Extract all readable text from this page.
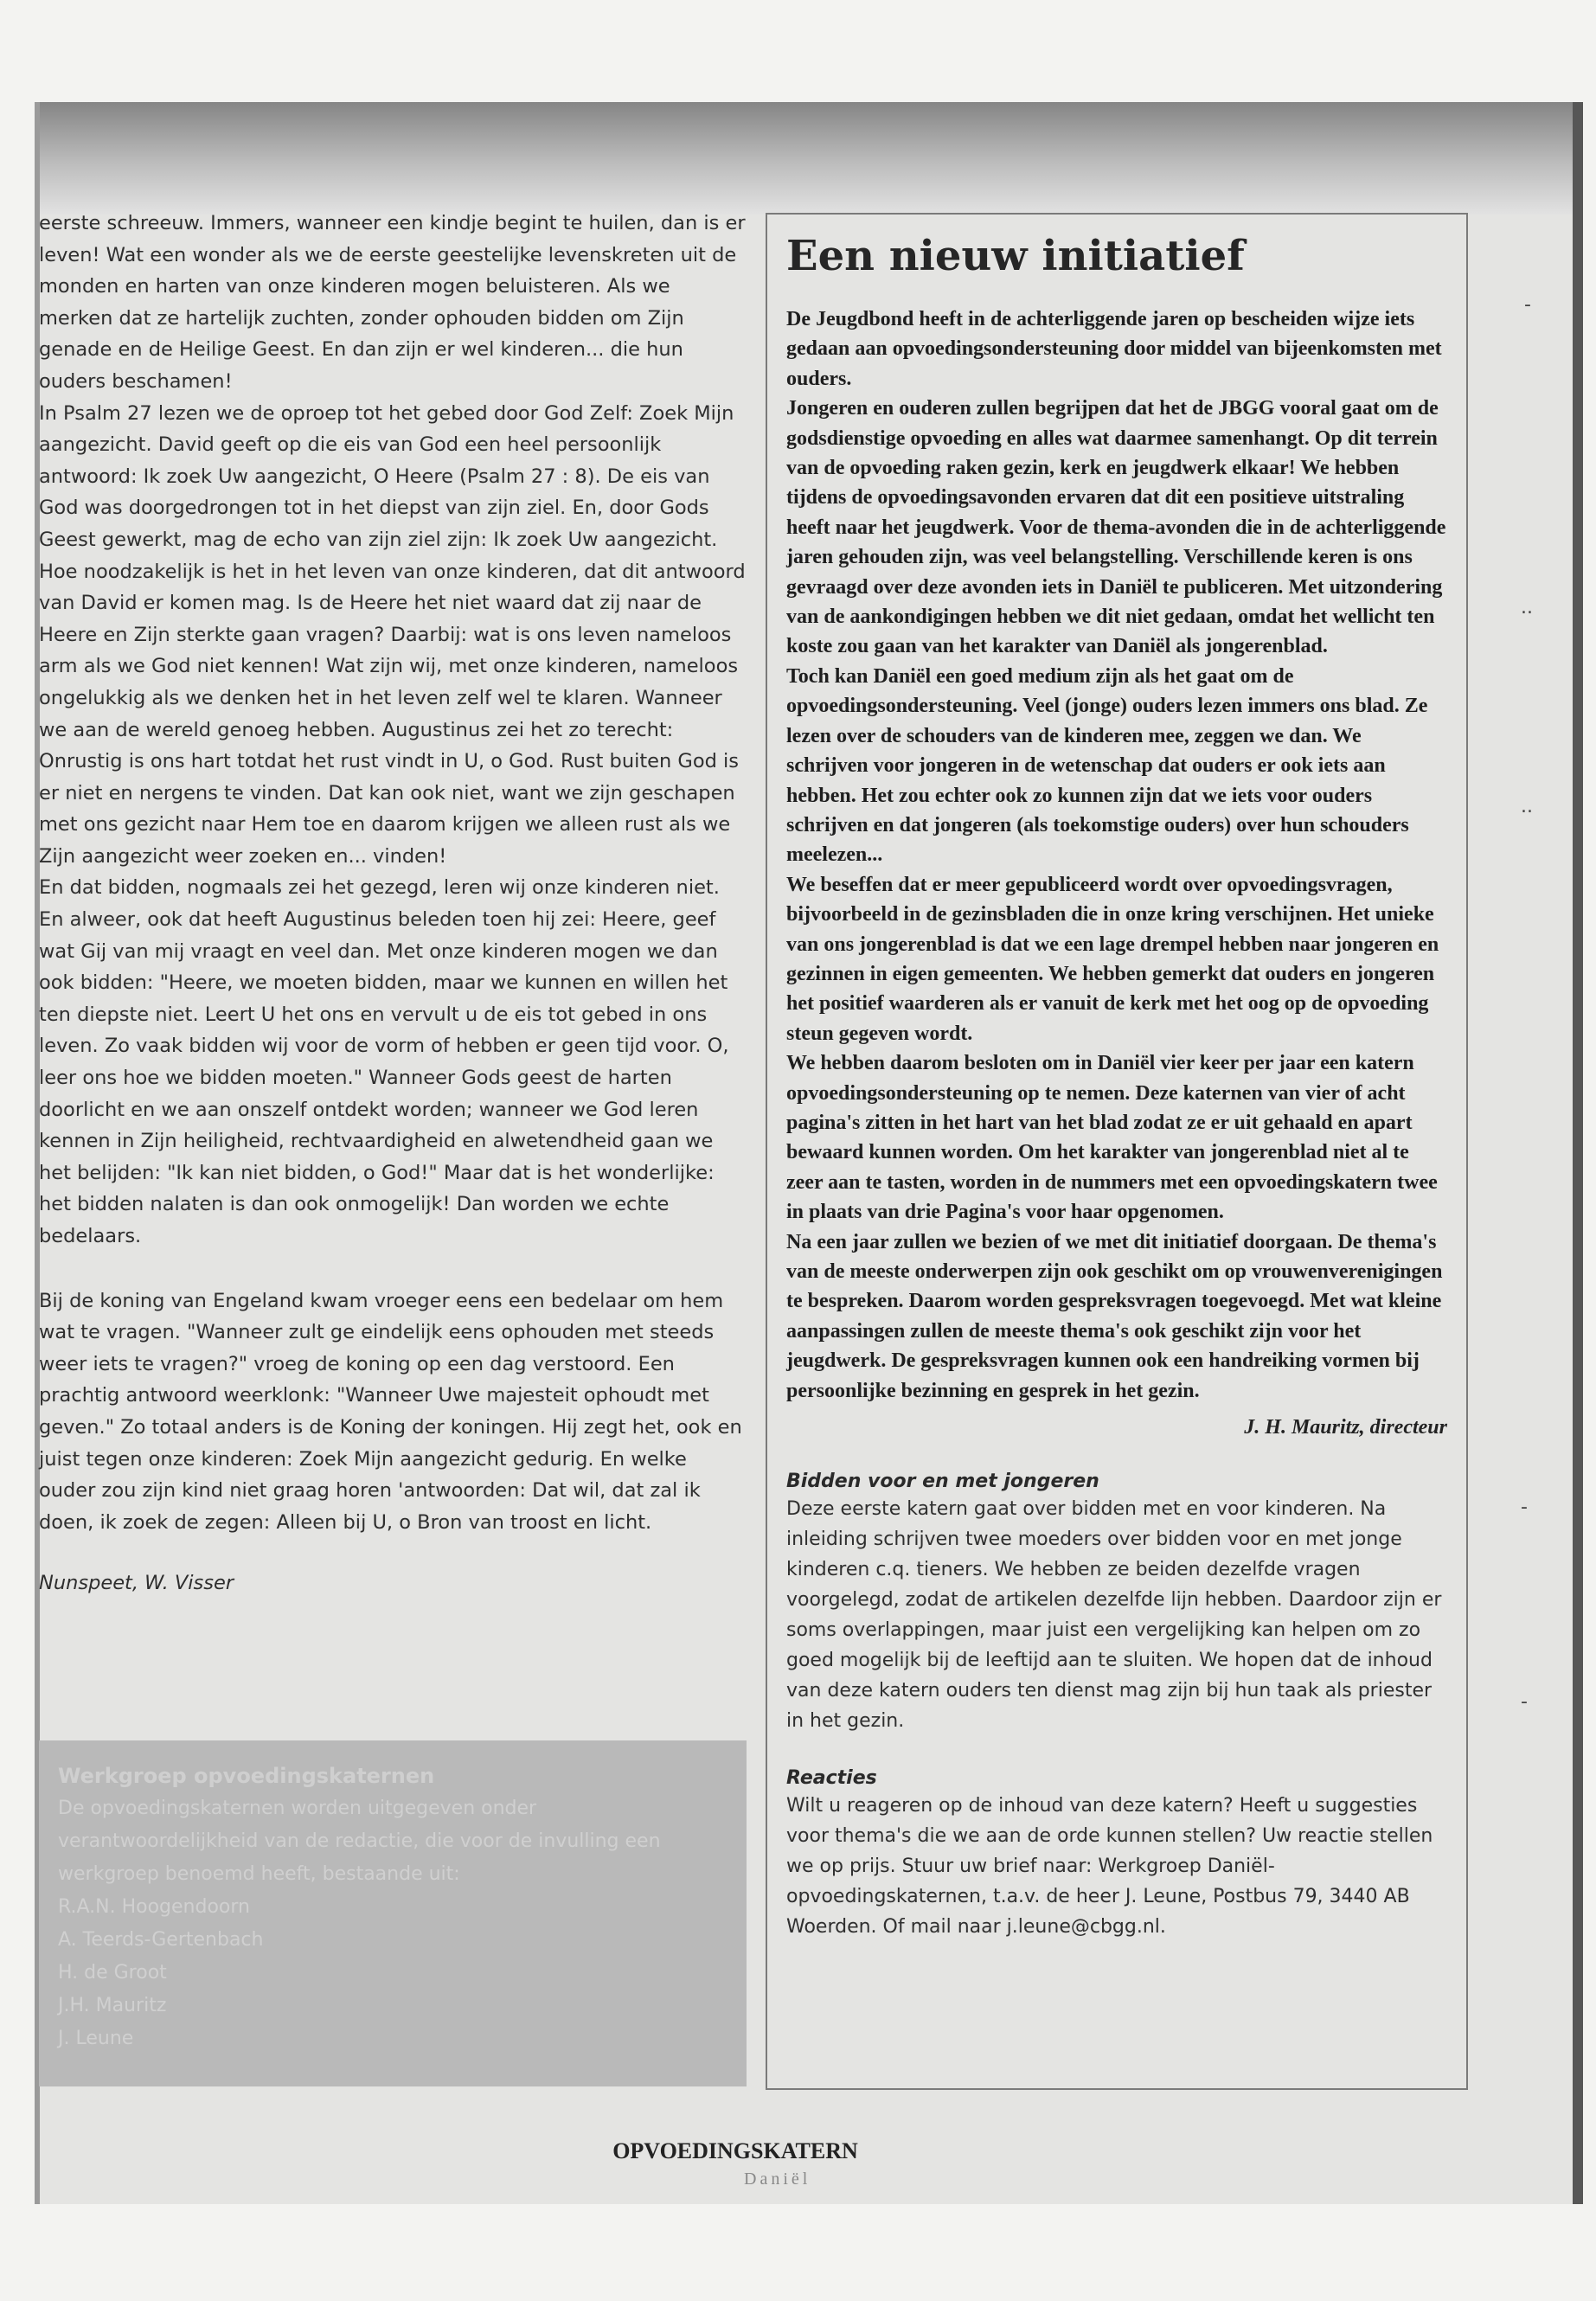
-
..
..
-
-

eerste schreeuw. Immers, wanneer een kindje begint te huilen, dan is er leven! Wat een wonder als we de eerste geestelijke levenskreten uit de monden en harten van onze kinderen mogen beluisteren. Als we merken dat ze hartelijk zuchten, zonder ophouden bidden om Zijn genade en de Heilige Geest. En dan zijn er wel kinderen... die hun ouders beschamen!

In Psalm 27 lezen we de oproep tot het gebed door God Zelf: Zoek Mijn aangezicht. David geeft op die eis van God een heel persoonlijk antwoord: Ik zoek Uw aangezicht, O Heere (Psalm 27 : 8). De eis van God was doorgedrongen tot in het diepst van zijn ziel. En, door Gods Geest gewerkt, mag de echo van zijn ziel zijn: Ik zoek Uw aangezicht.

Hoe noodzakelijk is het in het leven van onze kinderen, dat dit antwoord van David er komen mag. Is de Heere het niet waard dat zij naar de Heere en Zijn sterkte gaan vragen? Daarbij: wat is ons leven nameloos arm als we God niet kennen! Wat zijn wij, met onze kinderen, nameloos ongelukkig als we denken het in het leven zelf wel te klaren. Wanneer we aan de wereld genoeg hebben. Augustinus zei het zo terecht: Onrustig is ons hart totdat het rust vindt in U, o God. Rust buiten God is er niet en nergens te vinden. Dat kan ook niet, want we zijn geschapen met ons gezicht naar Hem toe en daarom krijgen we alleen rust als we Zijn aangezicht weer zoeken en... vinden!

En dat bidden, nogmaals zei het gezegd, leren wij onze kinderen niet. En alweer, ook dat heeft Augustinus beleden toen hij zei: Heere, geef wat Gij van mij vraagt en veel dan. Met onze kinderen mogen we dan ook bidden: "Heere, we moeten bidden, maar we kunnen en willen het ten diepste niet. Leert U het ons en vervult u de eis tot gebed in ons leven. Zo vaak bidden wij voor de vorm of hebben er geen tijd voor. O, leer ons hoe we bidden moeten." Wanneer Gods geest de harten doorlicht en we aan onszelf ontdekt worden; wanneer we God leren kennen in Zijn heiligheid, rechtvaardigheid en alwetendheid gaan we het belijden: "Ik kan niet bidden, o God!" Maar dat is het wonderlijke: het bidden nalaten is dan ook onmogelijk! Dan worden we echte bedelaars.

Bij de koning van Engeland kwam vroeger eens een bedelaar om hem wat te vragen. "Wanneer zult ge eindelijk eens ophouden met steeds weer iets te vragen?" vroeg de koning op een dag verstoord. Een prachtig antwoord weerklonk: "Wanneer Uwe majesteit ophoudt met geven." Zo totaal anders is de Koning der koningen. Hij zegt het, ook en juist tegen onze kinderen: Zoek Mijn aangezicht gedurig. En welke ouder zou zijn kind niet graag horen 'antwoorden: Dat wil, dat zal ik doen, ik zoek de zegen: Alleen bij U, o Bron van troost en licht.

Nunspeet, W. Visser

Werkgroep opvoedingskaternen

De opvoedingskaternen worden uitgegeven onder verantwoordelijkheid van de redactie, die voor de invulling een werkgroep benoemd heeft, bestaande uit:

R.A.N. Hoogendoorn

A. Teerds-Gertenbach

H. de Groot

J.H. Mauritz

J. Leune

Een nieuw initiatief

De Jeugdbond heeft in de achterliggende jaren op bescheiden wijze iets gedaan aan opvoedingsondersteuning door middel van bijeenkomsten met ouders.

Jongeren en ouderen zullen begrijpen dat het de JBGG vooral gaat om de godsdienstige opvoeding en alles wat daarmee samenhangt. Op dit terrein van de opvoeding raken gezin, kerk en jeugdwerk elkaar! We hebben tijdens de opvoedingsavonden ervaren dat dit een positieve uitstraling heeft naar het jeugdwerk. Voor de thema-avonden die in de achterliggende jaren gehouden zijn, was veel belangstelling. Verschillende keren is ons gevraagd over deze avonden iets in Daniël te publiceren. Met uitzondering van de aankondigingen hebben we dit niet gedaan, omdat het wellicht ten koste zou gaan van het karakter van Daniël als jongerenblad.

Toch kan Daniël een goed medium zijn als het gaat om de opvoedingsondersteuning. Veel (jonge) ouders lezen immers ons blad. Ze lezen over de schouders van de kinderen mee, zeggen we dan. We schrijven voor jongeren in de wetenschap dat ouders er ook iets aan hebben. Het zou echter ook zo kunnen zijn dat we iets voor ouders schrijven en dat jongeren (als toekomstige ouders) over hun schouders meelezen...

We beseffen dat er meer gepubliceerd wordt over opvoedingsvragen, bijvoorbeeld in de gezinsbladen die in onze kring verschijnen. Het unieke van ons jongerenblad is dat we een lage drempel hebben naar jongeren en gezinnen in eigen gemeenten. We hebben gemerkt dat ouders en jongeren het positief waarderen als er vanuit de kerk met het oog op de opvoeding steun gegeven wordt.

We hebben daarom besloten om in Daniël vier keer per jaar een katern opvoedingsondersteuning op te nemen. Deze katernen van vier of acht pagina's zitten in het hart van het blad zodat ze er uit gehaald en apart bewaard kunnen worden. Om het karakter van jongerenblad niet al te zeer aan te tasten, worden in de nummers met een opvoedingskatern twee in plaats van drie Pagina's voor haar opgenomen.

Na een jaar zullen we bezien of we met dit initiatief doorgaan. De thema's van de meeste onderwerpen zijn ook geschikt om op vrouwenverenigingen te bespreken. Daarom worden gespreksvragen toegevoegd. Met wat kleine aanpassingen zullen de meeste thema's ook geschikt zijn voor het jeugdwerk. De gespreksvragen kunnen ook een handreiking vormen bij persoonlijke bezinning en gesprek in het gezin.

J. H. Mauritz, directeur
Bidden voor en met jongeren

Deze eerste katern gaat over bidden met en voor kinderen. Na inleiding schrijven twee moeders over bidden voor en met jonge kinderen c.q. tieners. We hebben ze beiden dezelfde vragen voorgelegd, zodat de artikelen dezelfde lijn hebben. Daardoor zijn er soms overlappingen, maar juist een vergelijking kan helpen om zo goed mogelijk bij de leeftijd aan te sluiten. We hopen dat de inhoud van deze katern ouders ten dienst mag zijn bij hun taak als priester in het gezin.

Reacties

Wilt u reageren op de inhoud van deze katern? Heeft u suggesties voor thema's die we aan de orde kunnen stellen? Uw reactie stellen we op prijs. Stuur uw brief naar: Werkgroep Daniël-opvoedingskaternen, t.a.v. de heer J. Leune, Postbus 79, 3440 AB Woerden. Of mail naar j.leune@cbgg.nl.

OPVOEDINGSKATERN
Daniël
